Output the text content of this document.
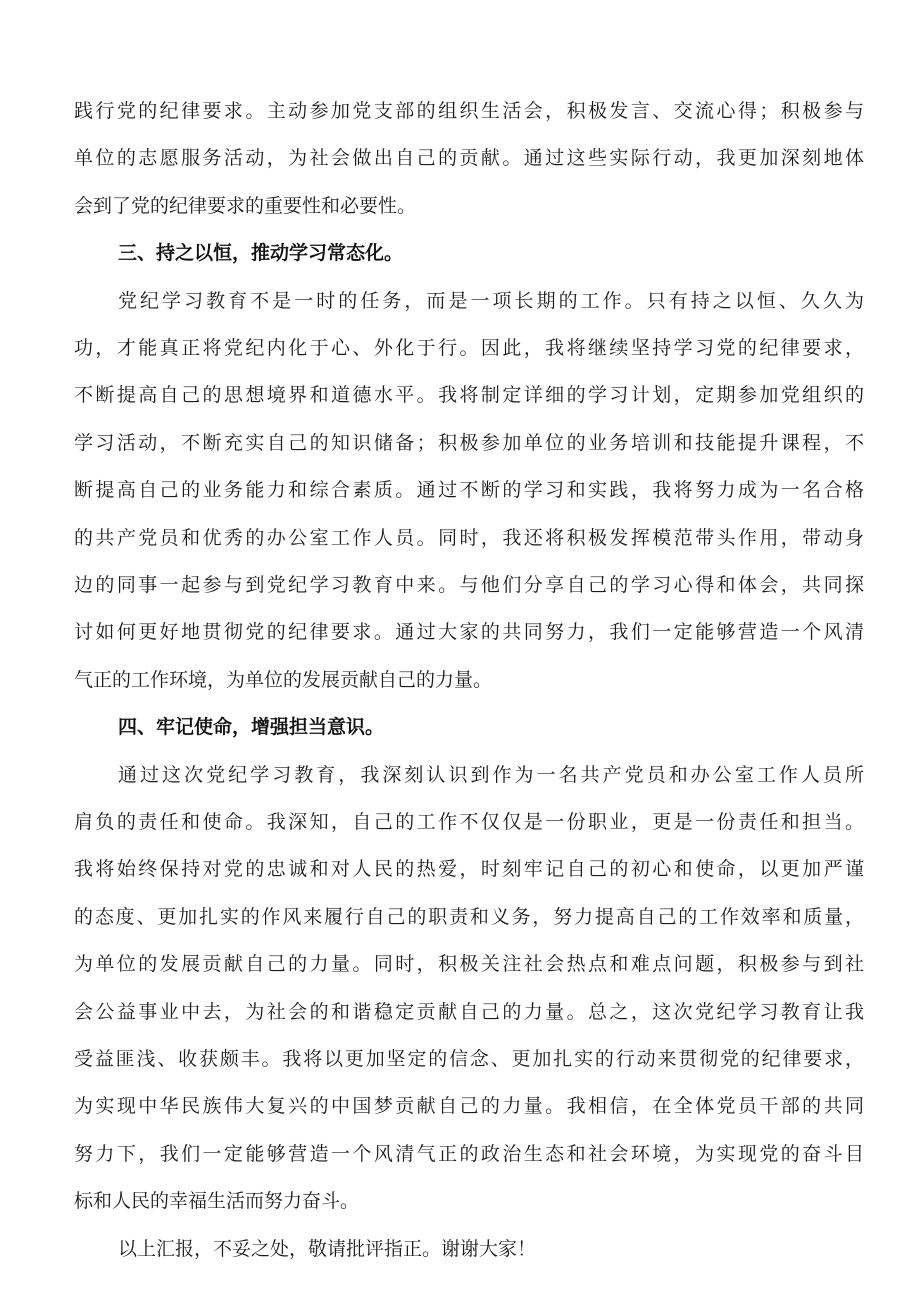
践行党的纪律要求。主动参加党支部的组织生活会，积极发言、交流心得；积极参与
单位的志愿服务活动，为社会做出自己的贡献。通过这些实际行动，我更加深刻地体
会到了党的纪律要求的重要性和必要性。
三、持之以恒，推动学习常态化。
党纪学习教育不是一时的任务，而是一项长期的工作。只有持之以恒、久久为
功，才能真正将党纪内化于心、外化于行。因此，我将继续坚持学习党的纪律要求，
不断提高自己的思想境界和道德水平。我将制定详细的学习计划，定期参加党组织的
学习活动，不断充实自己的知识储备；积极参加单位的业务培训和技能提升课程，不
断提高自己的业务能力和综合素质。通过不断的学习和实践，我将努力成为一名合格
的共产党员和优秀的办公室工作人员。同时，我还将积极发挥模范带头作用，带动身
边的同事一起参与到党纪学习教育中来。与他们分享自己的学习心得和体会，共同探
讨如何更好地贯彻党的纪律要求。通过大家的共同努力，我们一定能够营造一个风清
气正的工作环境，为单位的发展贡献自己的力量。
四、牢记使命，增强担当意识。
通过这次党纪学习教育，我深刻认识到作为一名共产党员和办公室工作人员所
肩负的责任和使命。我深知，自己的工作不仅仅是一份职业，更是一份责任和担当。
我将始终保持对党的忠诚和对人民的热爱，时刻牢记自己的初心和使命，以更加严谨
的态度、更加扎实的作风来履行自己的职责和义务，努力提高自己的工作效率和质量，
为单位的发展贡献自己的力量。同时，积极关注社会热点和难点问题，积极参与到社
会公益事业中去，为社会的和谐稳定贡献自己的力量。总之，这次党纪学习教育让我
受益匪浅、收获颇丰。我将以更加坚定的信念、更加扎实的行动来贯彻党的纪律要求，
为实现中华民族伟大复兴的中国梦贡献自己的力量。我相信，在全体党员干部的共同
努力下，我们一定能够营造一个风清气正的政治生态和社会环境，为实现党的奋斗目
标和人民的幸福生活而努力奋斗。
以上汇报，不妥之处，敬请批评指正。谢谢大家！
